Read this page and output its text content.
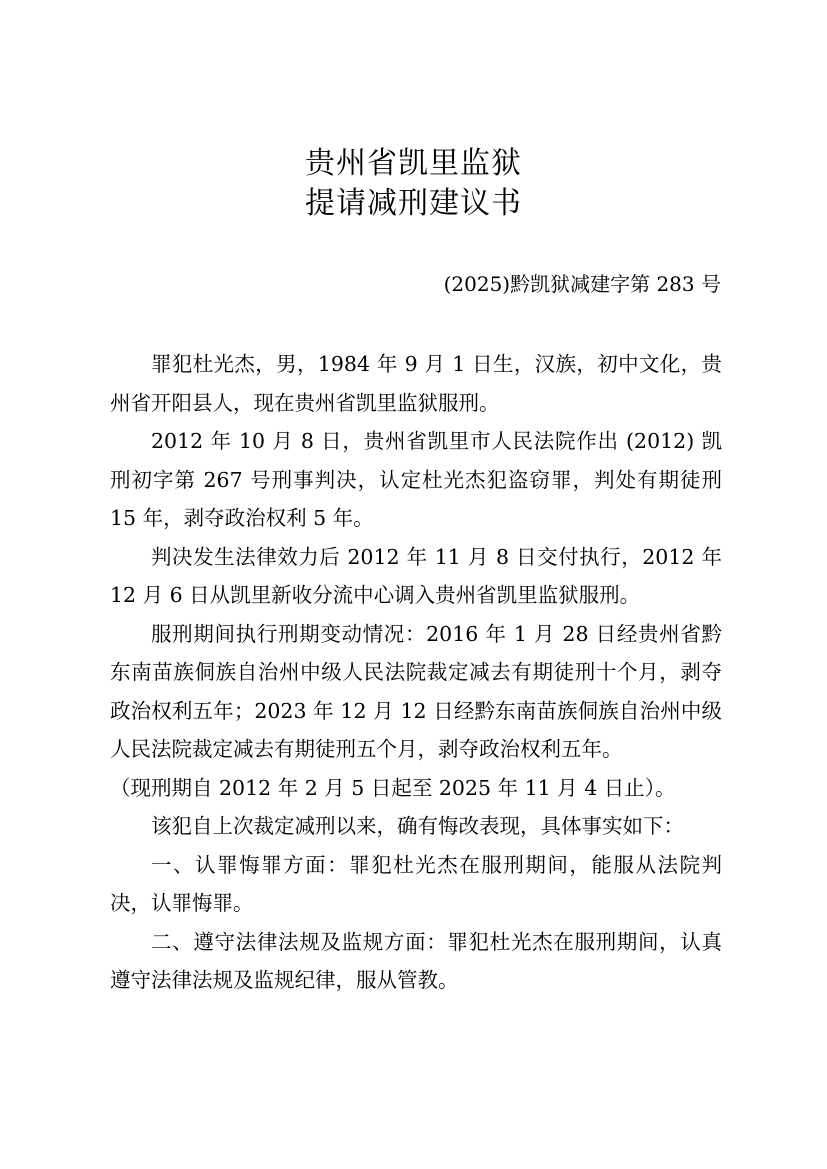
贵州省凯里监狱
提请减刑建议书
(2025)黔凯狱减建字第 283 号

罪犯杜光杰，男，1984 年 9 月 1 日生，汉族，初中文化，贵州省开阳县人，现在贵州省凯里监狱服刑。

2012 年 10 月 8 日，贵州省凯里市人民法院作出 (2012) 凯刑初字第 267 号刑事判决，认定杜光杰犯盗窃罪，判处有期徒刑 15 年，剥夺政治权利 5 年。

判决发生法律效力后 2012 年 11 月 8 日交付执行，2012 年 12 月 6 日从凯里新收分流中心调入贵州省凯里监狱服刑。

服刑期间执行刑期变动情况：2016 年 1 月 28 日经贵州省黔东南苗族侗族自治州中级人民法院裁定减去有期徒刑十个月，剥夺政治权利五年；2023 年 12 月 12 日经黔东南苗族侗族自治州中级人民法院裁定减去有期徒刑五个月，剥夺政治权利五年。

（现刑期自 2012 年 2 月 5 日起至 2025 年 11 月 4 日止）。

该犯自上次裁定减刑以来，确有悔改表现，具体事实如下：

一、认罪悔罪方面：罪犯杜光杰在服刑期间，能服从法院判决，认罪悔罪。

二、遵守法律法规及监规方面：罪犯杜光杰在服刑期间，认真遵守法律法规及监规纪律，服从管教。
